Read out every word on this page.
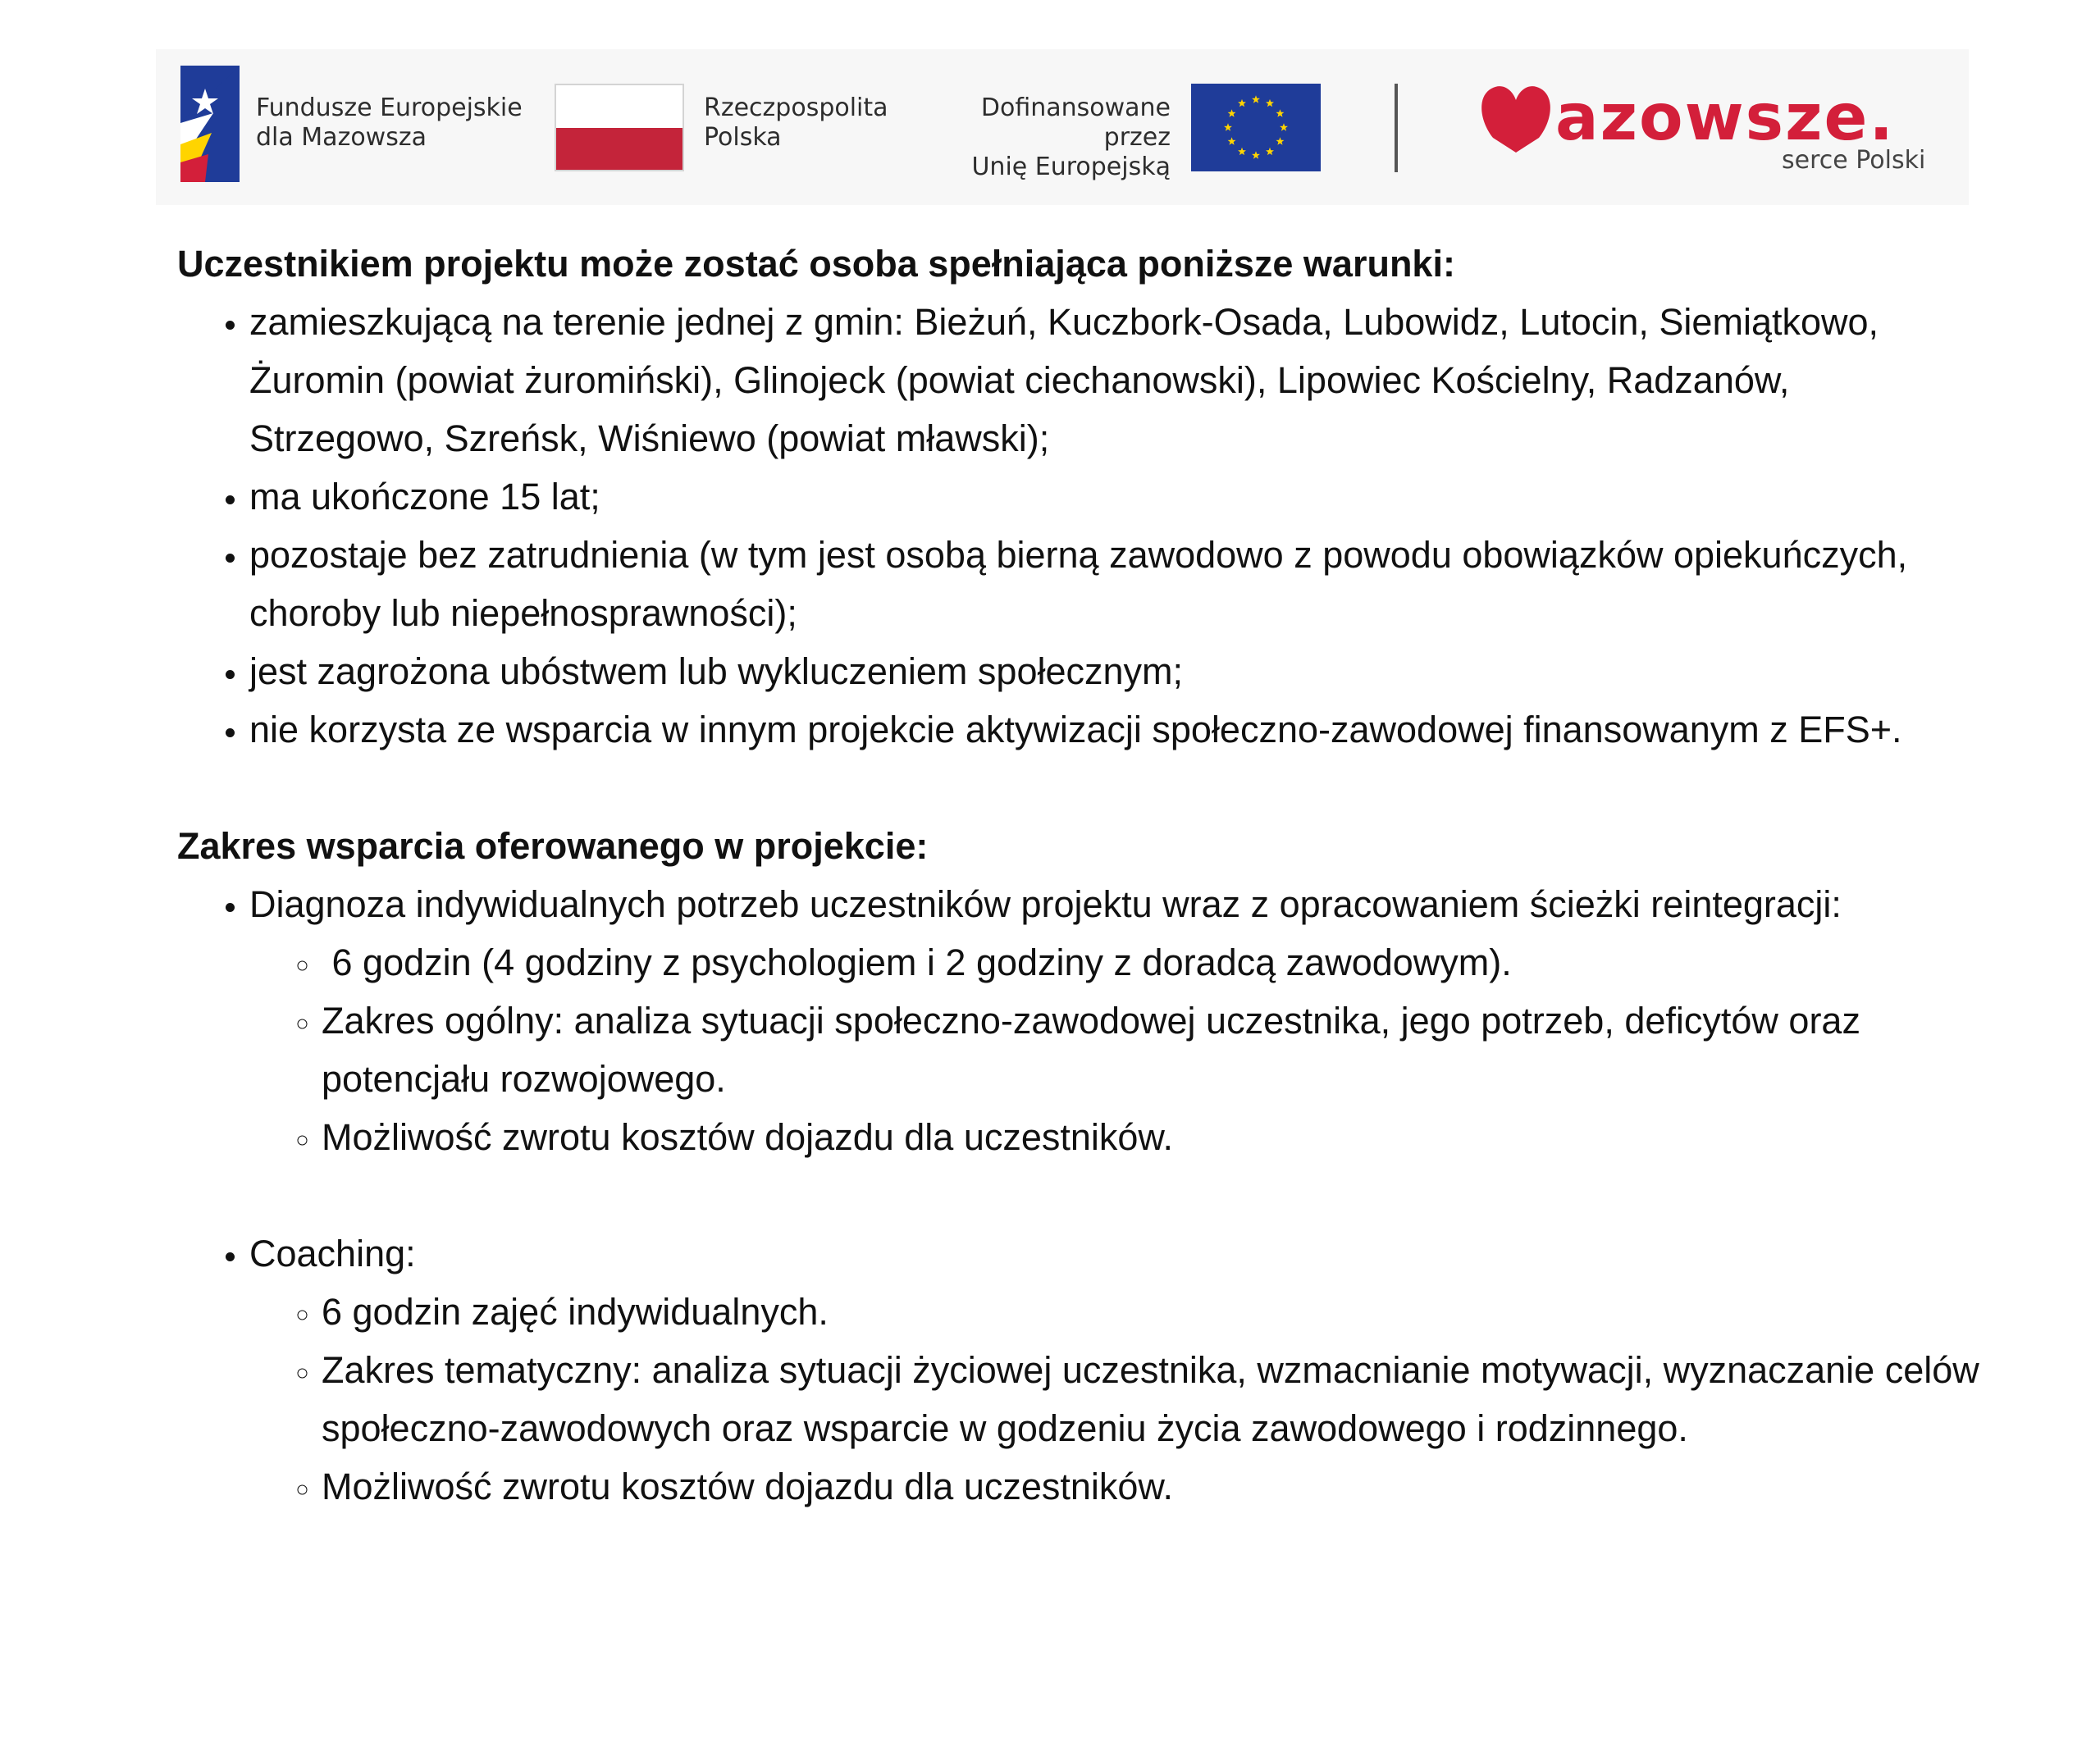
Fundusze Europejskie
dla Mazowsza
Rzeczpospolita
Polska
Dofinansowane przez
Unię Europejską
azowsze.
serce Polski

Uczestnikiem projektu może zostać osoba spełniająca poniższe warunki:

• zamieszkującą na terenie jednej z gmin: Bieżuń, Kuczbork-Osada, Lubowidz, Lutocin, Siemiątkowo, Żuromin (powiat żuromiński), Glinojeck (powiat ciechanowski), Lipowiec Kościelny, Radzanów, Strzegowo, Szreńsk, Wiśniewo (powiat mławski);
• ma ukończone 15 lat;
• pozostaje bez zatrudnienia (w tym jest osobą bierną zawodowo z powodu obowiązków opiekuńczych, choroby lub niepełnosprawności);
• jest zagrożona ubóstwem lub wykluczeniem społecznym;
• nie korzysta ze wsparcia w innym projekcie aktywizacji społeczno-zawodowej finansowanym z EFS+.

Zakres wsparcia oferowanego w projekcie:

• Diagnoza indywidualnych potrzeb uczestników projektu wraz z opracowaniem ścieżki reintegracji:
◦  6 godzin (4 godziny z psychologiem i 2 godziny z doradcą zawodowym).
◦ Zakres ogólny: analiza sytuacji społeczno-zawodowej uczestnika, jego potrzeb, deficytów oraz potencjału rozwojowego.
◦ Możliwość zwrotu kosztów dojazdu dla uczestników.
• Coaching:
◦ 6 godzin zajęć indywidualnych.
◦ Zakres tematyczny: analiza sytuacji życiowej uczestnika, wzmacnianie motywacji, wyznaczanie celów społeczno-zawodowych oraz wsparcie w godzeniu życia zawodowego i rodzinnego.
◦ Możliwość zwrotu kosztów dojazdu dla uczestników.
